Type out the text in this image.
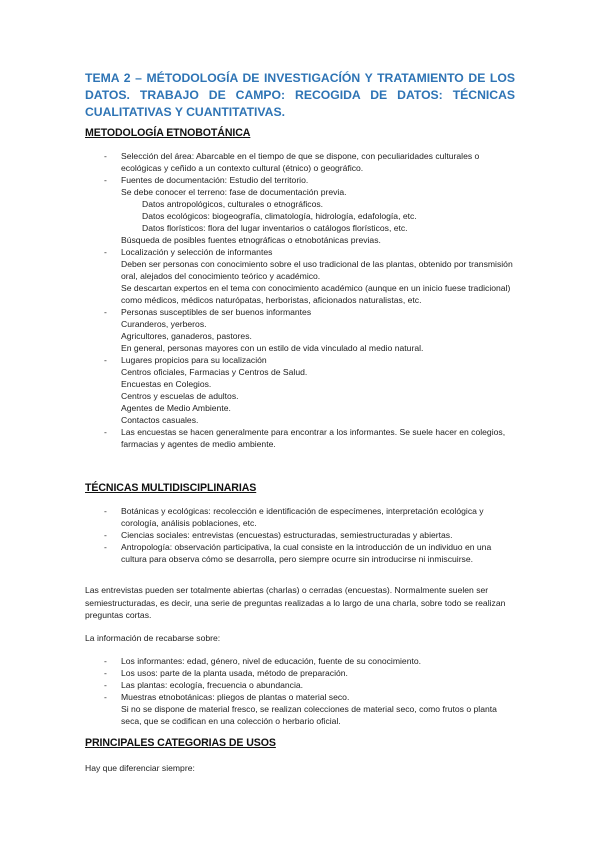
TEMA 2 – MÉTODOLOGÍA DE INVESTIGACÍÓN Y TRATAMIENTO DE LOS DATOS. TRABAJO DE CAMPO: RECOGIDA DE DATOS: TÉCNICAS CUALITATIVAS Y CUANTITATIVAS.
METODOLOGÍA ETNOBOTÁNICA
- Selección del área: Abarcable en el tiempo de que se dispone, con peculiaridades culturales o ecológicas y ceñido a un contexto cultural (étnico) o geográfico.
- Fuentes de documentación: Estudio del territorio.
Se debe conocer el terreno: fase de documentación previa.
Datos antropológicos, culturales o etnográficos.
Datos ecológicos: biogeografía, climatología, hidrología, edafología, etc.
Datos florísticos: flora del lugar inventarios o catálogos florísticos, etc.
Búsqueda de posibles fuentes etnográficas o etnobotánicas previas.
- Localización y selección de informantes
Deben ser personas con conocimiento sobre el uso tradicional de las plantas, obtenido por transmisión oral, alejados del conocimiento teórico y académico.
Se descartan expertos en el tema con conocimiento académico (aunque en un inicio fuese tradicional) como médicos, médicos naturópatas, herboristas, aficionados naturalistas, etc.
- Personas susceptibles de ser buenos informantes
Curanderos, yerberos.
Agricultores, ganaderos, pastores.
En general, personas mayores con un estilo de vida vinculado al medio natural.
- Lugares propicios para su localización
Centros oficiales, Farmacias y Centros de Salud.
Encuestas en Colegios.
Centros y escuelas de adultos.
Agentes de Medio Ambiente.
Contactos casuales.
- Las encuestas se hacen generalmente para encontrar a los informantes. Se suele hacer en colegios, farmacias y agentes de medio ambiente.
TÉCNICAS MULTIDISCIPLINARIAS
- Botánicas y ecológicas: recolección e identificación de especímenes, interpretación ecológica y corología, análisis poblaciones, etc.
- Ciencias sociales: entrevistas (encuestas) estructuradas, semiestructuradas y abiertas.
- Antropología: observación participativa, la cual consiste en la introducción de un individuo en una cultura para observa cómo se desarrolla, pero siempre ocurre sin introducirse ni inmiscuirse.
Las entrevistas pueden ser totalmente abiertas (charlas) o cerradas (encuestas). Normalmente suelen ser semiestructuradas, es decir, una serie de preguntas realizadas a lo largo de una charla, sobre todo se realizan preguntas cortas.
La información de recabarse sobre:
- Los informantes: edad, género, nivel de educación, fuente de su conocimiento.
- Los usos: parte de la planta usada, método de preparación.
- Las plantas: ecología, frecuencia o abundancia.
- Muestras etnobotánicas: pliegos de plantas o material seco.
Si no se dispone de material fresco, se realizan colecciones de material seco, como frutos o planta seca, que se codifican en una colección o herbario oficial.
PRINCIPALES CATEGORIAS DE USOS
Hay que diferenciar siempre:
